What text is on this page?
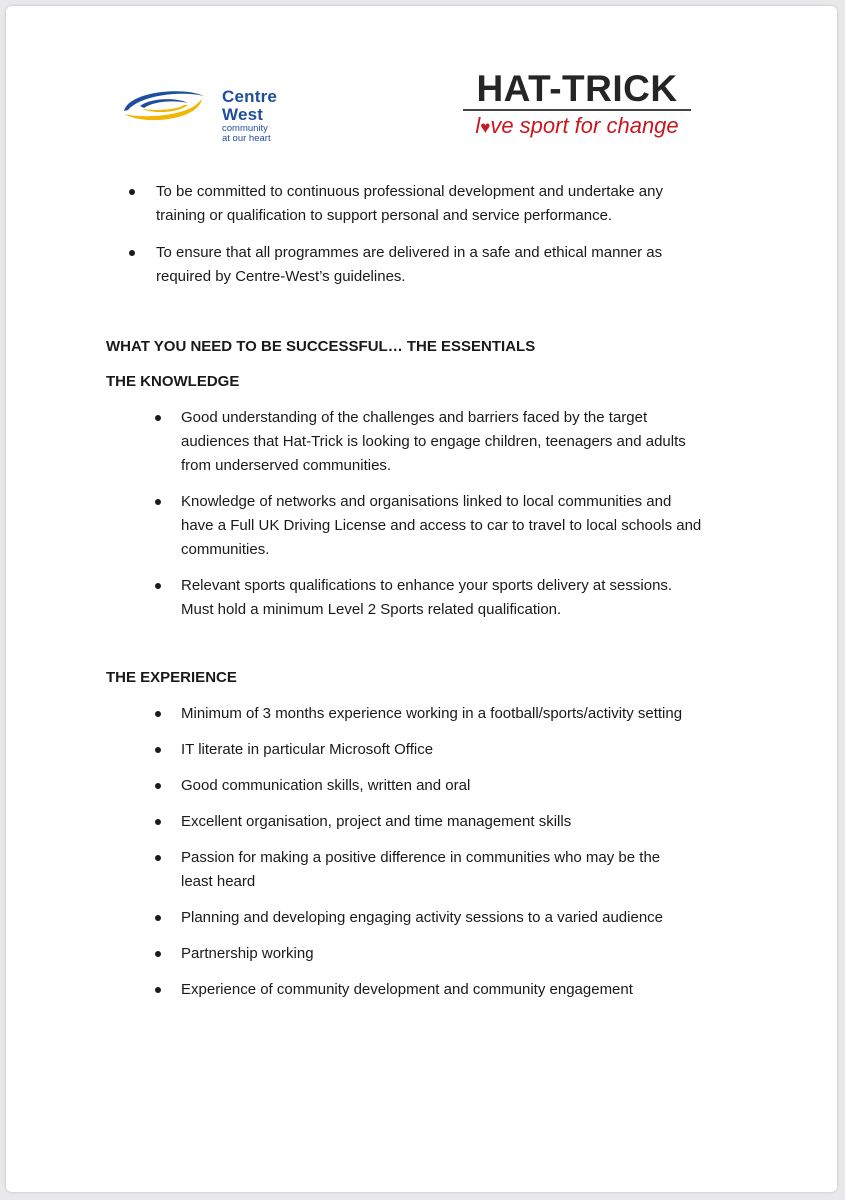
Centre West
community at our heart
HAT-TRICK
l♥ve sport for change
To be committed to continuous professional development and undertake any
training or qualification to support personal and service performance.
To ensure that all programmes are delivered in a safe and ethical manner as
required by Centre-West’s guidelines.
WHAT YOU NEED TO BE SUCCESSFUL… THE ESSENTIALS
THE KNOWLEDGE
Good understanding of the challenges and barriers faced by the target
audiences that Hat-Trick is looking to engage children, teenagers and adults
from underserved communities.
Knowledge of networks and organisations linked to local communities and
have a Full UK Driving License and access to car to travel to local schools and
communities.
Relevant sports qualifications to enhance your sports delivery at sessions.
Must hold a minimum Level 2 Sports related qualification.
THE EXPERIENCE
Minimum of 3 months experience working in a football/sports/activity setting
IT literate in particular Microsoft Office
Good communication skills, written and oral
Excellent organisation, project and time management skills
Passion for making a positive difference in communities who may be the
least heard
Planning and developing engaging activity sessions to a varied audience
Partnership working
Experience of community development and community engagement
